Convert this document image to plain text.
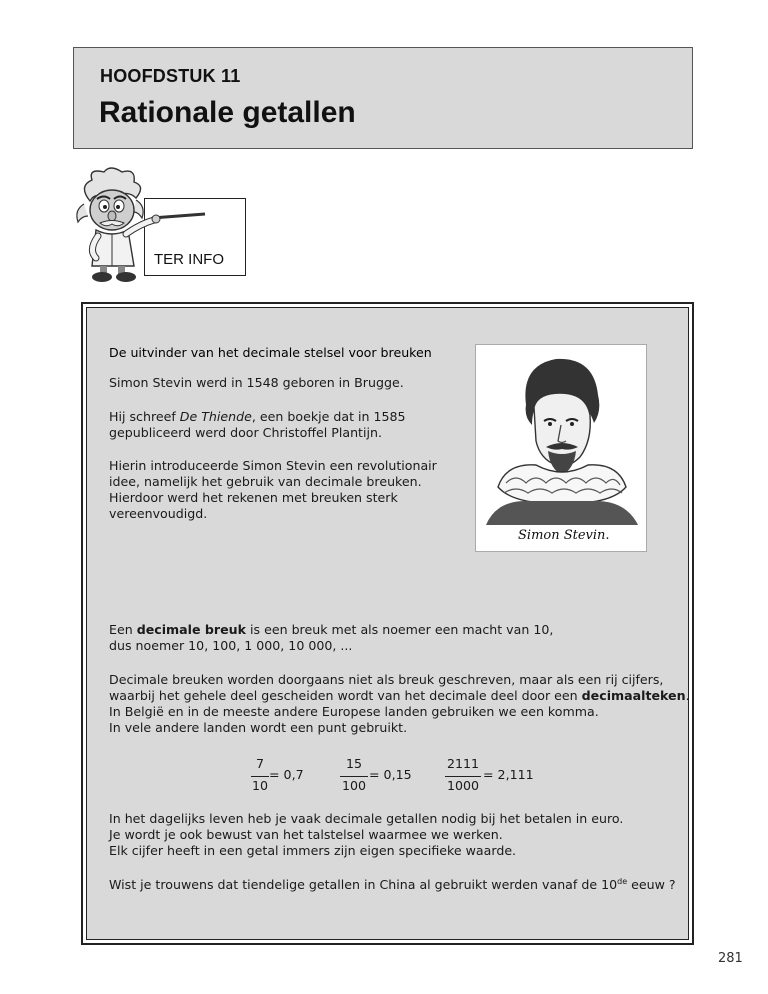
HOOFDSTUK 11
Rationale getallen
TER INFO
De uitvinder van het decimale stelsel voor breuken
Simon Stevin werd in 1548 geboren in Brugge.
Hij schreef De Thiende, een boekje dat in 1585
gepubliceerd werd door Christoffel Plantijn.
Hierin introduceerde Simon Stevin een revolutionair
idee, namelijk het gebruik van decimale breuken.
Hierdoor werd het rekenen met breuken sterk
vereenvoudigd.
Simon Stevin.
Een decimale breuk is een breuk met als noemer een macht van 10,
dus noemer 10, 100, 1 000, 10 000, ...
Decimale breuken worden doorgaans niet als breuk geschreven, maar als een rij cijfers,
waarbij het gehele deel gescheiden wordt van het decimale deel door een decimaalteken.
In België en in de meeste andere Europese landen gebruiken we een komma.
In vele andere landen wordt een punt gebruikt.
7
10
= 0,7
15
100
= 0,15
2111
1000
= 2,111
In het dagelijks leven heb je vaak decimale getallen nodig bij het betalen in euro.
Je wordt je ook bewust van het talstelsel waarmee we werken.
Elk cijfer heeft in een getal immers zijn eigen specifieke waarde.
Wist je trouwens dat tiendelige getallen in China al gebruikt werden vanaf de 10de eeuw ?
281
